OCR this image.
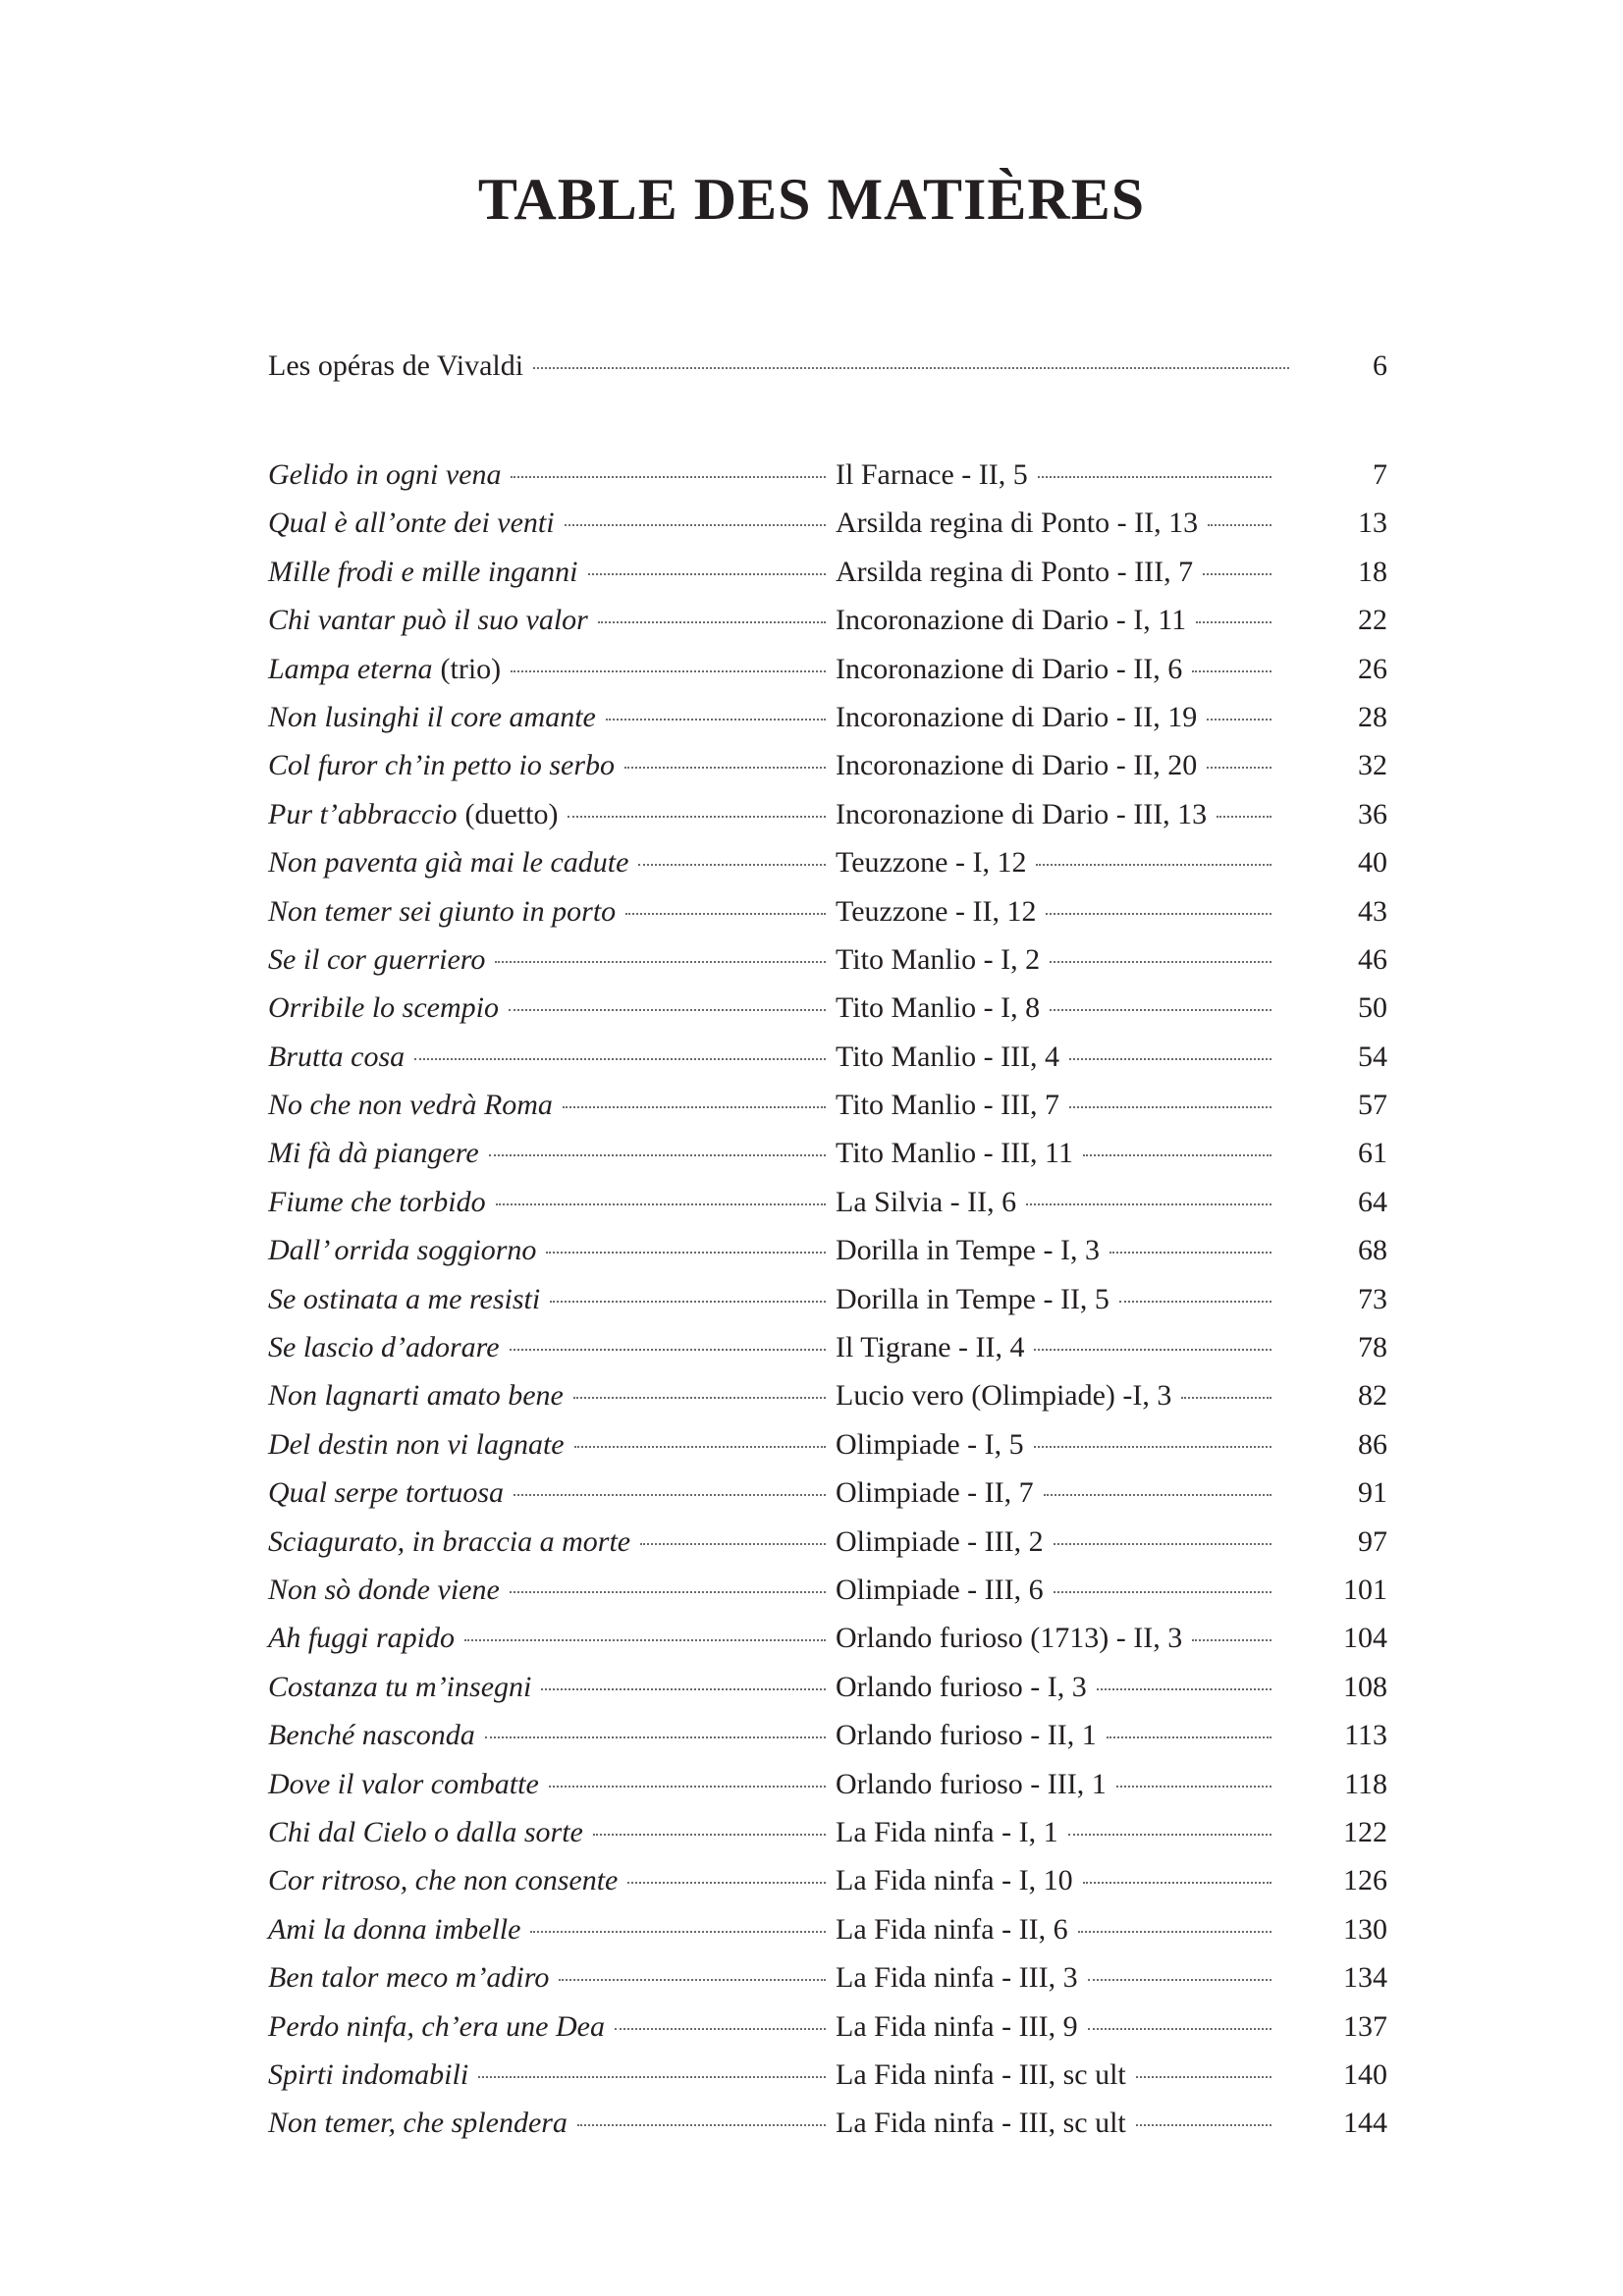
TABLE DES MATIÈRES
Les opéras de Vivaldi	6
Gelido in ogni vena	Il Farnace - II, 5	7
Qual è all’onte dei venti	Arsilda regina di Ponto - II, 13	13
Mille frodi e mille inganni	Arsilda regina di Ponto - III, 7	18
Chi vantar può il suo valor	Incoronazione di Dario - I, 11	22
Lampa eterna (trio)	Incoronazione di Dario - II, 6	26
Non lusinghi il core amante	Incoronazione di Dario - II, 19	28
Col furor ch’in petto io serbo	Incoronazione di Dario - II, 20	32
Pur t’abbraccio (duetto)	Incoronazione di Dario - III, 13	36
Non paventa già mai le cadute	Teuzzone - I, 12	40
Non temer sei giunto in porto	Teuzzone - II, 12	43
Se il cor guerriero	Tito Manlio - I, 2	46
Orribile lo scempio	Tito Manlio - I, 8	50
Brutta cosa	Tito Manlio - III, 4	54
No che non vedrà Roma	Tito Manlio - III, 7	57
Mi fà dà piangere	Tito Manlio - III, 11	61
Fiume che torbido	La Silvia - II, 6	64
Dall’ orrida soggiorno	Dorilla in Tempe - I, 3	68
Se ostinata a me resisti	Dorilla in Tempe - II, 5	73
Se lascio d’adorare	Il Tigrane - II, 4	78
Non lagnarti amato bene	Lucio vero (Olimpiade) -I, 3	82
Del destin non vi lagnate	Olimpiade - I, 5	86
Qual serpe tortuosa	Olimpiade - II, 7	91
Sciagurato, in braccia a morte	Olimpiade - III, 2	97
Non sò donde viene	Olimpiade - III, 6	101
Ah fuggi rapido	Orlando furioso (1713) - II, 3	104
Costanza tu m’insegni	Orlando furioso - I, 3	108
Benché nasconda	Orlando furioso - II, 1	113
Dove il valor combatte	Orlando furioso - III, 1	118
Chi dal Cielo o dalla sorte	La Fida ninfa - I, 1	122
Cor ritroso, che non consente	La Fida ninfa - I, 10	126
Ami la donna imbelle	La Fida ninfa - II, 6	130
Ben talor meco m’adiro	La Fida ninfa - III, 3	134
Perdo ninfa, ch’era une Dea	La Fida ninfa - III, 9	137
Spirti indomabili	La Fida ninfa - III, sc ult	140
Non temer, che splendera	La Fida ninfa - III, sc ult	144
